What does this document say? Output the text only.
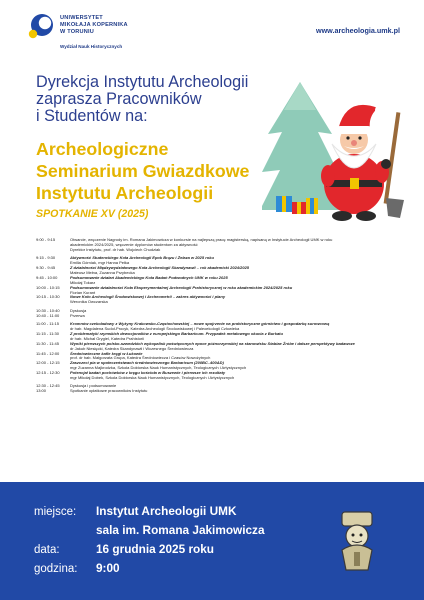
UNIWERSYTET
MIKOŁAJA KOPERNIKA
W TORUNIU
Wydział Nauk Historycznych
www.archeologia.umk.pl
Dyrekcja Instytutu Archeologii
zaprasza Pracowników
i Studentów na:
Archeologiczne
Seminarium Gwiazdkowe
Instytutu Archeologii
SPOTKANIE XV (2025)
9:00 - 9:15	Otwarcie, wręczenie Nagrody im. Romana Jakimowicza w konkursie na najlepszą pracę magisterską, napisaną w Instytucie Archeologii UMK w roku
akademickim 2024/2025, wręczenie dyplomów studentom za aktywność
Dyrektor Instytutu, prof. dr hab. Wojciech Chudziak
9:15 - 9:30	Aktywność Studenckiego Koła Archeologii Epok Brązu i Żelaza w 2025 roku
Emilia Górniak, mgr Hanna Pełka
9:30 - 9:45	Z działalności Międzywydziałowego Koła Archeologii Skandynawii – rok akademicki 2024/2025
Mateusz Mełna, Zuzanna Przybecka
9:45 - 10:00	Podsumowanie działań Akademickiego Koła Badań Podwodnych UMK w roku 2025
Mikołaj Tokarz
10:00 - 10:15	Podsumowanie działalności Koła Eksperymentalnej Archeologii Prahistorycznej w roku akademickim 2024/2025 roku
Florian Kurant
10:15 - 10:30	Nowe Koło Archeologii Środowiskowej i Archeometrii – zakres aktywności i plany
Weronika Owczarska
10:30 - 10:40	Dyskusja
10:40 - 11:00	Przerwa
11:00 - 11:15	Kromnów czekoladowy z Wyżyny Krakowsko-Częstochowskiej – nowe spojrzenie na prahistoryczne górnictwo i gospodarkę surowcową
dr hab. Magdalena Sudoł-Procyk, Katedra Archeologii Środowiskowej i Paleoekologii Człowieka
11:15 - 11:30	Z problematyki rzymskich dewocjonaliów z europejskiego Barbaricum. Przypadek metalowego okucia z Burkatu
dr hab. Michał Grygiel, Katedra Prahistorii
11:30 - 11:45	Wyniki pierwszych polsko-szwedzkich wykopalisk poświęconych epoce późnorzymskiej na stanowisku Stabiae Źróbe i dalsze perspektywy badawcze
dr Jakub Niesięcki, Katedra Skandynawii i Wczesnego Średniowiecza
11:45 - 12:00	Średniowieczne kafle kręgi w Łukowie
prof. dr hab. Małgorzata Grupa, Katedra Średniowiecza i Czasów Nowożytnych
12:00 - 12:15	Zaszczeci pia w społeczeństwach średniowiecznego Barbaricum (200BC–400AD)
mgr Zuzanna Majkrodzka, Szkoła Doktorska Nauk Humanistycznych, Teologicznych i Artystycznych
12:15 - 12:30	Potencjał badań pochówków z kręgu kościoła w Buszewie i pierwsze ich rezultaty
mgr Mikołaj Dobek, Szkoła Doktorska Nauk Humanistycznych, Teologicznych i Artystycznych
12:30 - 12:45	Dyskusja i podsumowanie
13:00	Spotkanie opłatkowe pracowników Instytutu
miejsce: Instytut Archeologii UMK
sala im. Romana Jakimowicza
data:	16 grudnia 2025 roku
godzina: 9:00
